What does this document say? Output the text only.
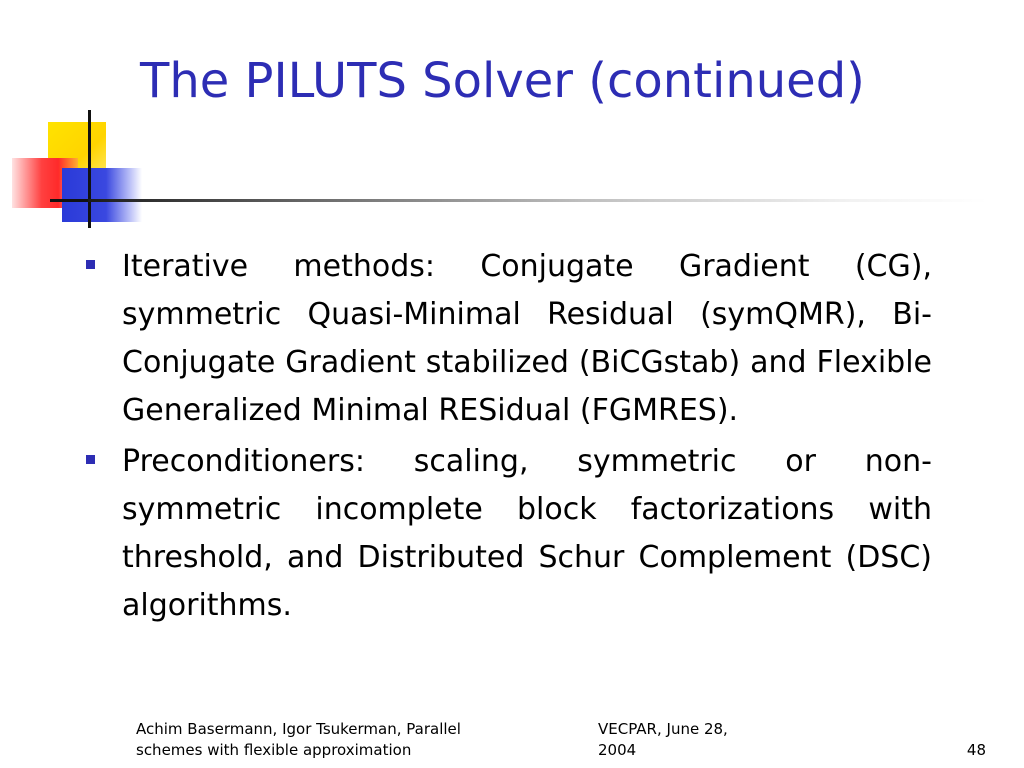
The PILUTS Solver (continued)
Iterative methods: Conjugate Gradient (CG), symmetric Quasi-Minimal Residual (symQMR), Bi-Conjugate Gradient stabilized (BiCGstab) and Flexible Generalized Minimal RESidual (FGMRES).
Preconditioners: scaling, symmetric or non-symmetric incomplete block factorizations with threshold, and Distributed Schur Complement (DSC) algorithms.
Achim Basermann, Igor Tsukerman, Parallel
schemes with flexible approximation
VECPAR, June 28,
2004	48
